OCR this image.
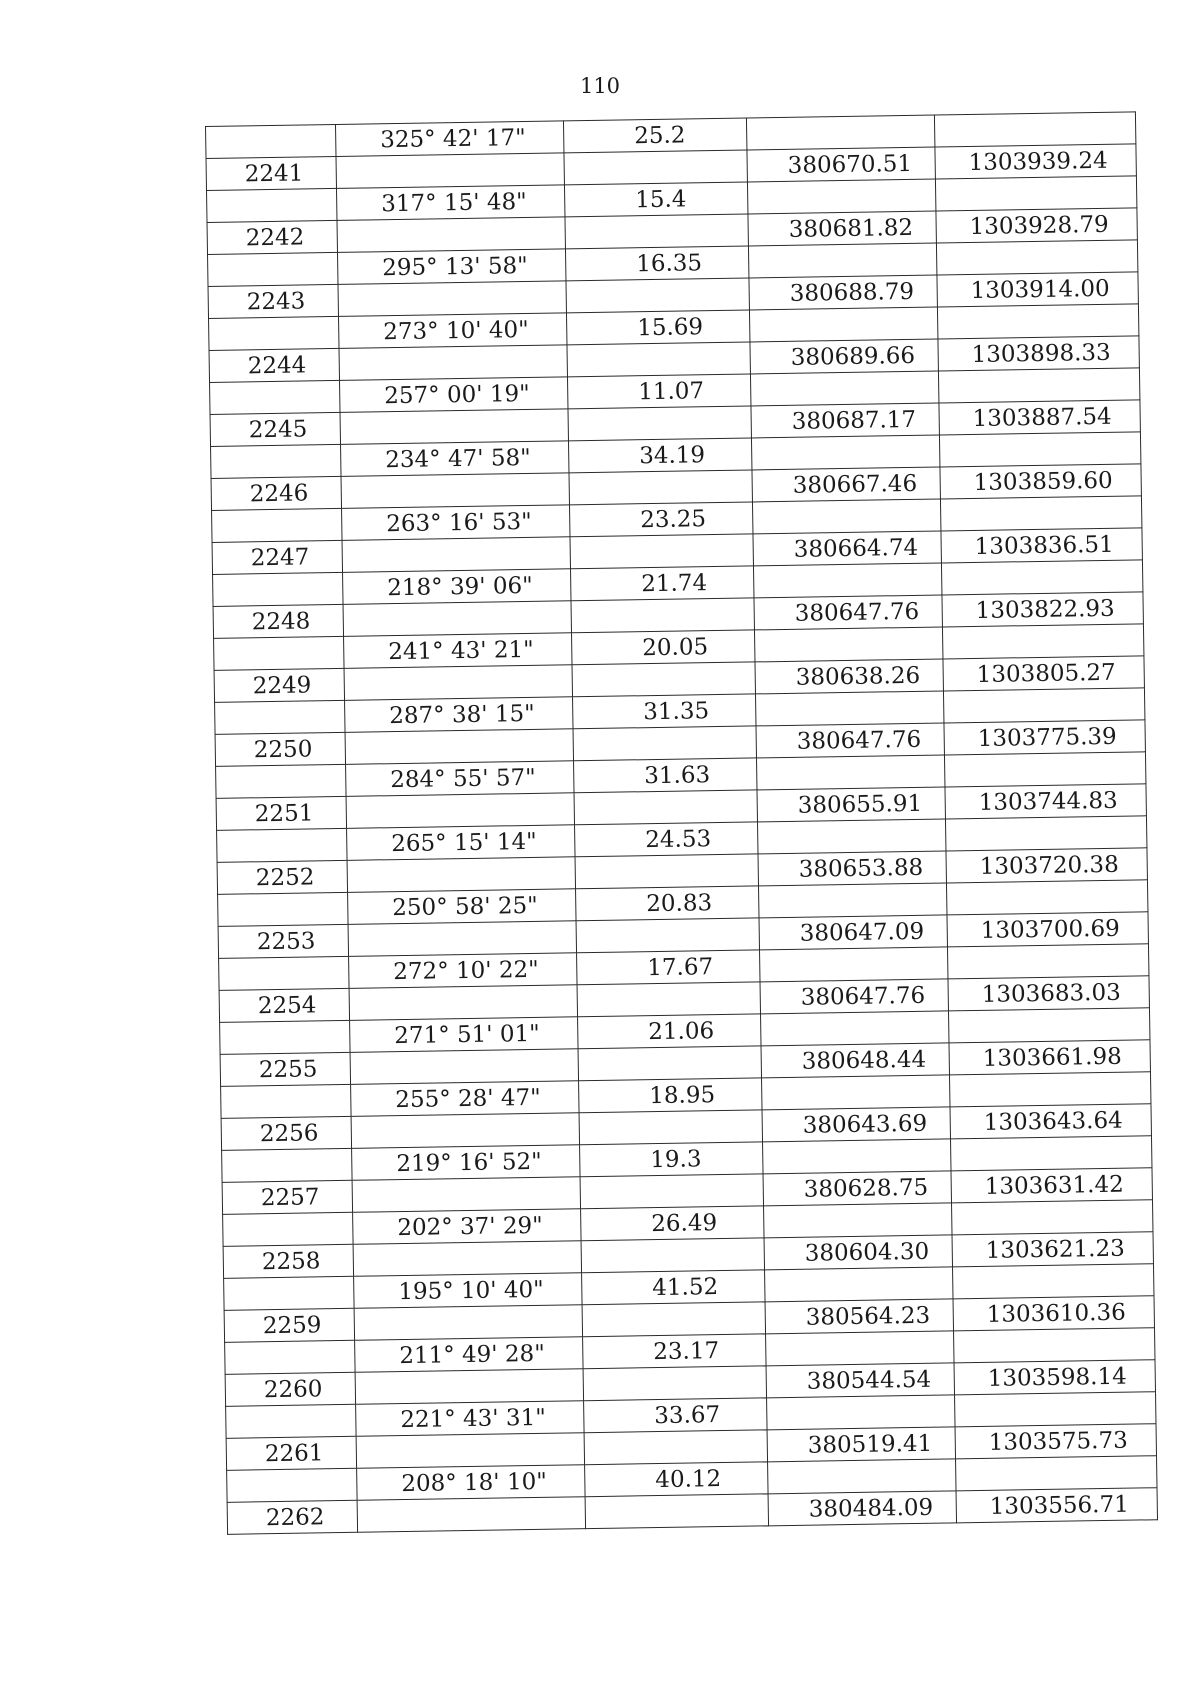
110
	325° 42' 17"	25.2		
2241			380670.51	1303939.24
	317° 15' 48"	15.4		
2242			380681.82	1303928.79
	295° 13' 58"	16.35		
2243			380688.79	1303914.00
	273° 10' 40"	15.69		
2244			380689.66	1303898.33
	257° 00' 19"	11.07		
2245			380687.17	1303887.54
	234° 47' 58"	34.19		
2246			380667.46	1303859.60
	263° 16' 53"	23.25		
2247			380664.74	1303836.51
	218° 39' 06"	21.74		
2248			380647.76	1303822.93
	241° 43' 21"	20.05		
2249			380638.26	1303805.27
	287° 38' 15"	31.35		
2250			380647.76	1303775.39
	284° 55' 57"	31.63		
2251			380655.91	1303744.83
	265° 15' 14"	24.53		
2252			380653.88	1303720.38
	250° 58' 25"	20.83		
2253			380647.09	1303700.69
	272° 10' 22"	17.67		
2254			380647.76	1303683.03
	271° 51' 01"	21.06		
2255			380648.44	1303661.98
	255° 28' 47"	18.95		
2256			380643.69	1303643.64
	219° 16' 52"	19.3		
2257			380628.75	1303631.42
	202° 37' 29"	26.49		
2258			380604.30	1303621.23
	195° 10' 40"	41.52		
2259			380564.23	1303610.36
	211° 49' 28"	23.17		
2260			380544.54	1303598.14
	221° 43' 31"	33.67		
2261			380519.41	1303575.73
	208° 18' 10"	40.12		
2262			380484.09	1303556.71
